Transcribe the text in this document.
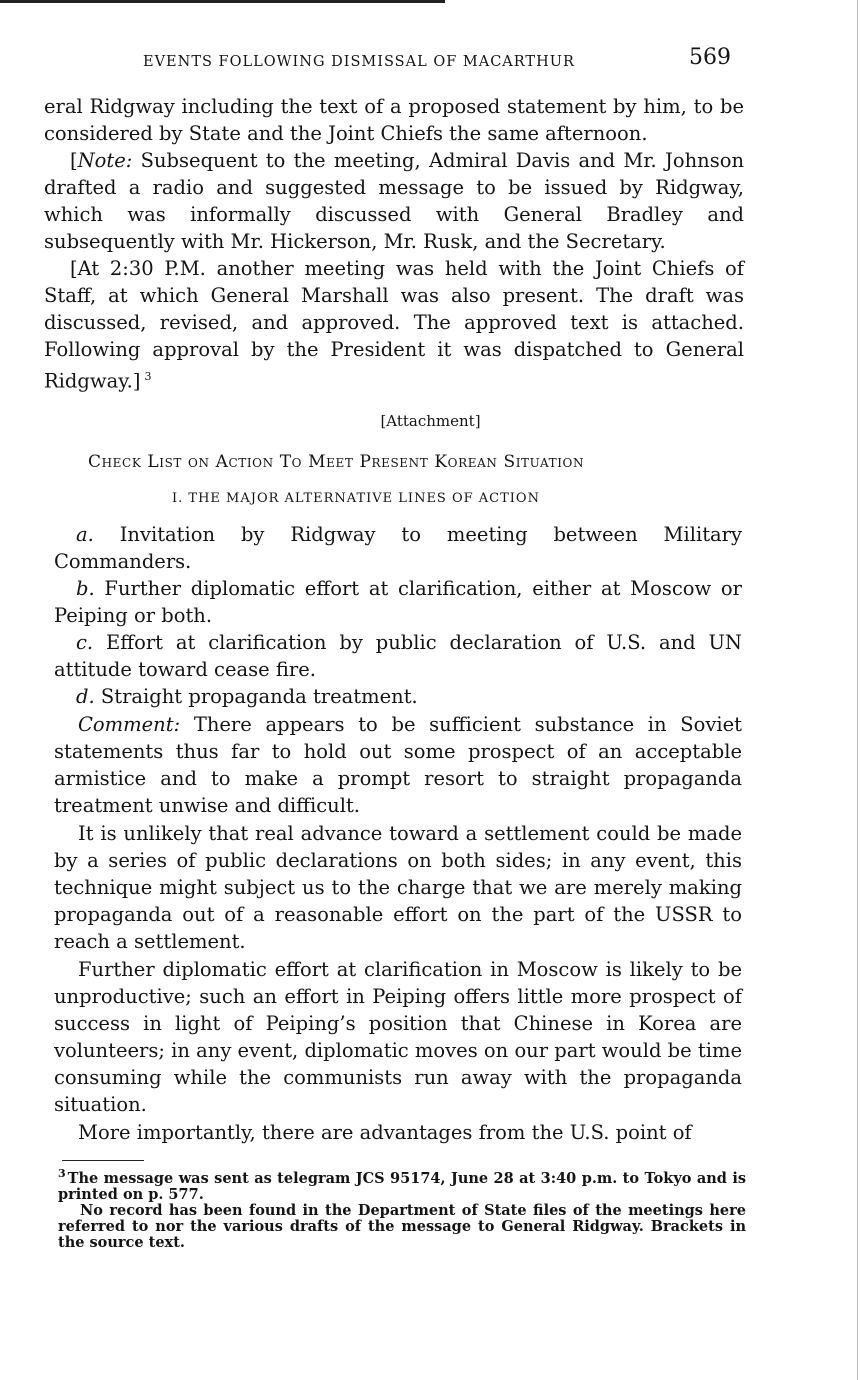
EVENTS FOLLOWING DISMISSAL OF MACARTHUR	569

eral Ridgway including the text of a proposed statement by him, to be considered by State and the Joint Chiefs the same afternoon.

[Note: Subsequent to the meeting, Admiral Davis and Mr. Johnson drafted a radio and suggested message to be issued by Ridgway, which was informally discussed with General Bradley and subsequently with Mr. Hickerson, Mr. Rusk, and the Secretary.

[At 2:30 P.M. another meeting was held with the Joint Chiefs of Staff, at which General Marshall was also present. The draft was discussed, revised, and approved. The approved text is attached. Following approval by the President it was dispatched to General Ridgway.] $^3$

[Attachment]
Check List on Action To Meet Present Korean Situation
I. THE MAJOR ALTERNATIVE LINES OF ACTION

a. Invitation by Ridgway to meeting between Military Commanders.

b. Further diplomatic effort at clarification, either at Moscow or Peiping or both.

c. Effort at clarification by public declaration of U.S. and UN attitude toward cease fire.

d. Straight propaganda treatment.

Comment: There appears to be sufficient substance in Soviet statements thus far to hold out some prospect of an acceptable armistice and to make a prompt resort to straight propaganda treatment unwise and difficult.

It is unlikely that real advance toward a settlement could be made by a series of public declarations on both sides; in any event, this technique might subject us to the charge that we are merely making propaganda out of a reasonable effort on the part of the USSR to reach a settlement.

Further diplomatic effort at clarification in Moscow is likely to be unproductive; such an effort in Peiping offers little more prospect of success in light of Peiping’s position that Chinese in Korea are volunteers; in any event, diplomatic moves on our part would be time consuming while the communists run away with the propaganda situation.

More importantly, there are advantages from the U.S. point of

$^3$ The message was sent as telegram JCS 95174, June 28 at 3:40 p.m. to Tokyo and is printed on p. 577.

No record has been found in the Department of State files of the meetings here referred to nor the various drafts of the message to General Ridgway. Brackets in the source text.
